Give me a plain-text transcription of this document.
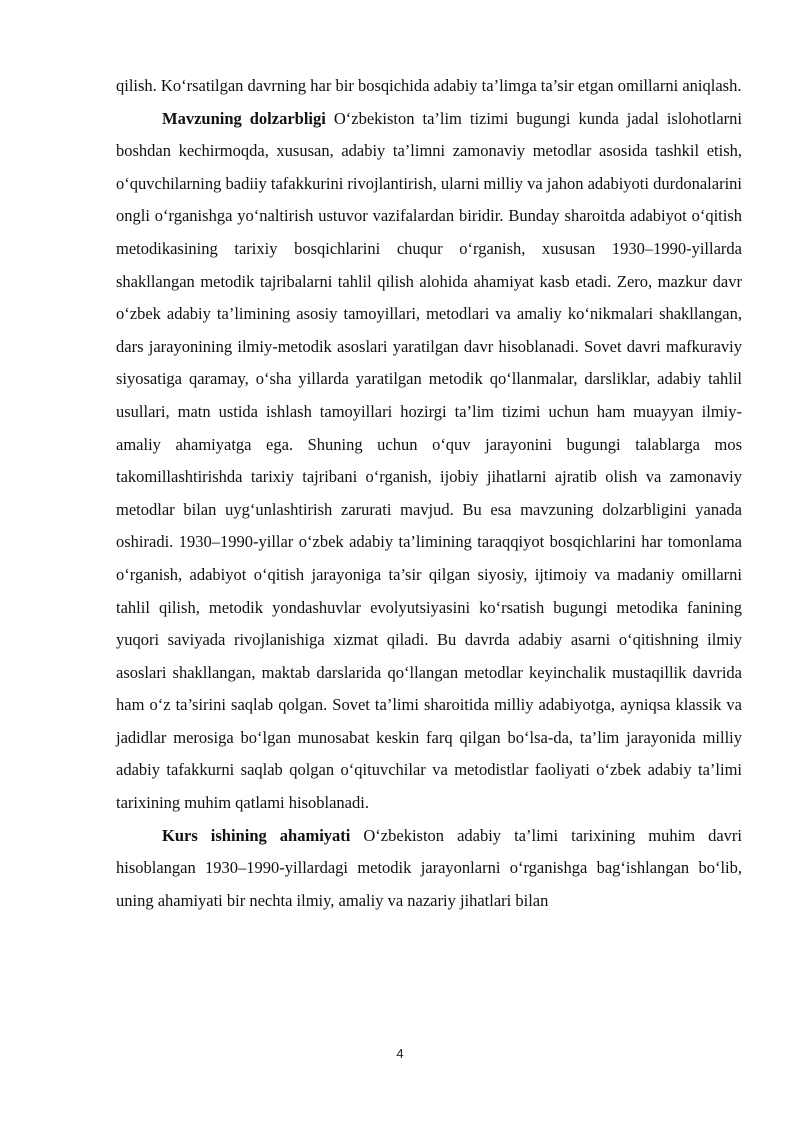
qilish. Ko‘rsatilgan davrning har bir bosqichida adabiy ta’limga ta’sir etgan omillarni aniqlash.

Mavzuning dolzarbligi O‘zbekiston ta’lim tizimi bugungi kunda jadal islohotlarni boshdan kechirmoqda, xususan, adabiy ta’limni zamonaviy metodlar asosida tashkil etish, o‘quvchilarning badiiy tafakkurini rivojlantirish, ularni milliy va jahon adabiyoti durdonalarini ongli o‘rganishga yo‘naltirish ustuvor vazifalardan biridir. Bunday sharoitda adabiyot o‘qitish metodikasining tarixiy bosqichlarini chuqur o‘rganish, xususan 1930–1990-yillarda shakllangan metodik tajribalarni tahlil qilish alohida ahamiyat kasb etadi. Zero, mazkur davr o‘zbek adabiy ta’limining asosiy tamoyillari, metodlari va amaliy ko‘nikmalari shakllangan, dars jarayonining ilmiy-metodik asoslari yaratilgan davr hisoblanadi. Sovet davri mafkuraviy siyosatiga qaramay, o‘sha yillarda yaratilgan metodik qo‘llanmalar, darsliklar, adabiy tahlil usullari, matn ustida ishlash tamoyillari hozirgi ta’lim tizimi uchun ham muayyan ilmiy-amaliy ahamiyatga ega. Shuning uchun o‘quv jarayonini bugungi talablarga mos takomillashtirishda tarixiy tajribani o‘rganish, ijobiy jihatlarni ajratib olish va zamonaviy metodlar bilan uyg‘unlashtirish zarurati mavjud. Bu esa mavzuning dolzarbligini yanada oshiradi. 1930–1990-yillar o‘zbek adabiy ta’limining taraqqiyot bosqichlarini har tomonlama o‘rganish, adabiyot o‘qitish jarayoniga ta’sir qilgan siyosiy, ijtimoiy va madaniy omillarni tahlil qilish, metodik yondashuvlar evolyutsiyasini ko‘rsatish bugungi metodika fanining yuqori saviyada rivojlanishiga xizmat qiladi. Bu davrda adabiy asarni o‘qitishning ilmiy asoslari shakllangan, maktab darslarida qo‘llangan metodlar keyinchalik mustaqillik davrida ham o‘z ta’sirini saqlab qolgan. Sovet ta’limi sharoitida milliy adabiyotga, ayniqsa klassik va jadidlar merosiga bo‘lgan munosabat keskin farq qilgan bo‘lsa-da, ta’lim jarayonida milliy adabiy tafakkurni saqlab qolgan o‘qituvchilar va metodistlar faoliyati o‘zbek adabiy ta’limi tarixining muhim qatlami hisoblanadi.

Kurs ishining ahamiyati O‘zbekiston adabiy ta’limi tarixining muhim davri hisoblangan 1930–1990-yillardagi metodik jarayonlarni o‘rganishga bag‘ishlangan bo‘lib, uning ahamiyati bir nechta ilmiy, amaliy va nazariy jihatlari bilan

4
